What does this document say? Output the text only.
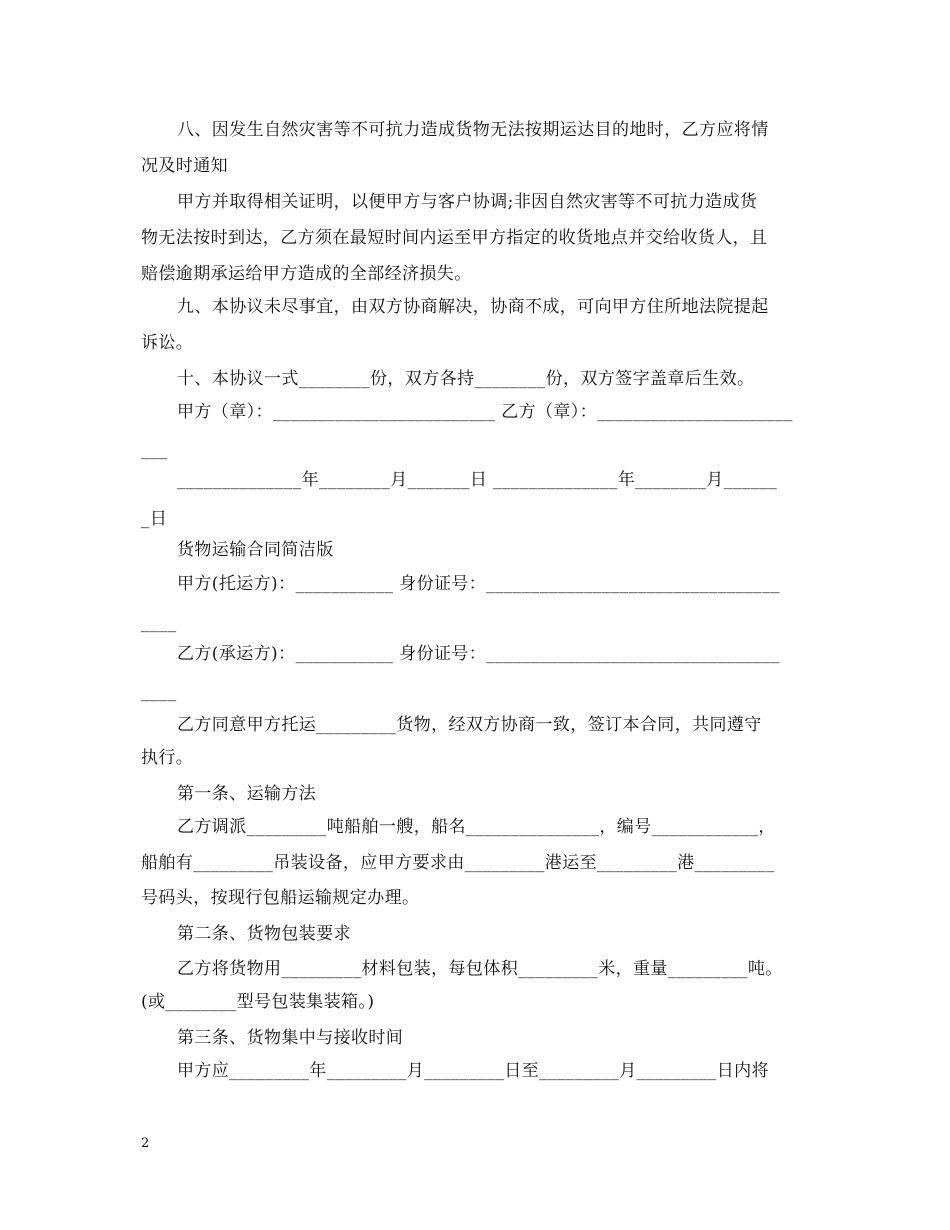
八、因发生自然灾害等不可抗力造成货物无法按期运达目的地时，乙方应将情
况及时通知
甲方并取得相关证明，以便甲方与客户协调;非因自然灾害等不可抗力造成货
物无法按时到达，乙方须在最短时间内运至甲方指定的收货地点并交给收货人，且
赔偿逾期承运给甲方造成的全部经济损失。
九、本协议未尽事宜，由双方协商解决，协商不成，可向甲方住所地法院提起
诉讼。
十、本协议一式________份，双方各持________份，双方签字盖章后生效。
甲方（章）：_________________________ 乙方（章）：______________________
___
______________年________月_______日 ______________年________月______
_日
货物运输合同简洁版
甲方(托运方)：___________ 身份证号：_________________________________
____
乙方(承运方)：___________ 身份证号：_________________________________
____
乙方同意甲方托运_________货物，经双方协商一致，签订本合同，共同遵守
执行。
第一条、运输方法
乙方调派_________吨船舶一艘，船名_______________，编号____________，
船舶有_________吊装设备，应甲方要求由_________港运至_________港_________
号码头，按现行包船运输规定办理。
第二条、货物包装要求
乙方将货物用_________材料包装，每包体积_________米，重量_________吨。
(或________型号包装集装箱。)
第三条、货物集中与接收时间
甲方应_________年_________月_________日至_________月_________日内将
2
